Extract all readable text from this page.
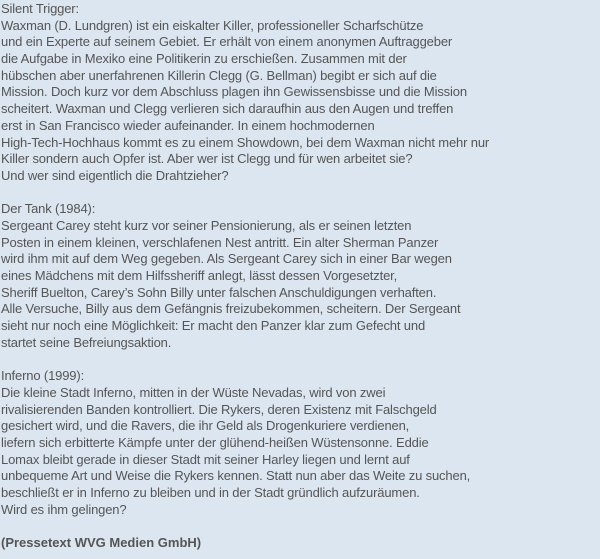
Silent Trigger:
Waxman (D. Lundgren) ist ein eiskalter Killer, professioneller Scharfschütze
und ein Experte auf seinem Gebiet. Er erhält von einem anonymen Auftraggeber
die Aufgabe in Mexiko eine Politikerin zu erschießen. Zusammen mit der
hübschen aber unerfahrenen Killerin Clegg (G. Bellman) begibt er sich auf die
Mission. Doch kurz vor dem Abschluss plagen ihn Gewissensbisse und die Mission
scheitert. Waxman und Clegg verlieren sich daraufhin aus den Augen und treffen
erst in San Francisco wieder aufeinander. In einem hochmodernen
High-Tech-Hochhaus kommt es zu einem Showdown, bei dem Waxman nicht mehr nur
Killer sondern auch Opfer ist. Aber wer ist Clegg und für wen arbeitet sie?
Und wer sind eigentlich die Drahtzieher?
Der Tank (1984):
Sergeant Carey steht kurz vor seiner Pensionierung, als er seinen letzten
Posten in einem kleinen, verschlafenen Nest antritt. Ein alter Sherman Panzer
wird ihm mit auf dem Weg gegeben. Als Sergeant Carey sich in einer Bar wegen
eines Mädchens mit dem Hilfssheriff anlegt, lässt dessen Vorgesetzter,
Sheriff Buelton, Carey’s Sohn Billy unter falschen Anschuldigungen verhaften.
Alle Versuche, Billy aus dem Gefängnis freizubekommen, scheitern. Der Sergeant
sieht nur noch eine Möglichkeit: Er macht den Panzer klar zum Gefecht und
startet seine Befreiungsaktion.
Inferno (1999):
Die kleine Stadt Inferno, mitten in der Wüste Nevadas, wird von zwei
rivalisierenden Banden kontrolliert. Die Rykers, deren Existenz mit Falschgeld
gesichert wird, und die Ravers, die ihr Geld als Drogenkuriere verdienen,
liefern sich erbitterte Kämpfe unter der glühend-heißen Wüstensonne. Eddie
Lomax bleibt gerade in dieser Stadt mit seiner Harley liegen und lernt auf
unbequeme Art und Weise die Rykers kennen. Statt nun aber das Weite zu suchen,
beschließt er in Inferno zu bleiben und in der Stadt gründlich aufzuräumen.
Wird es ihm gelingen?
(Pressetext WVG Medien GmbH)
